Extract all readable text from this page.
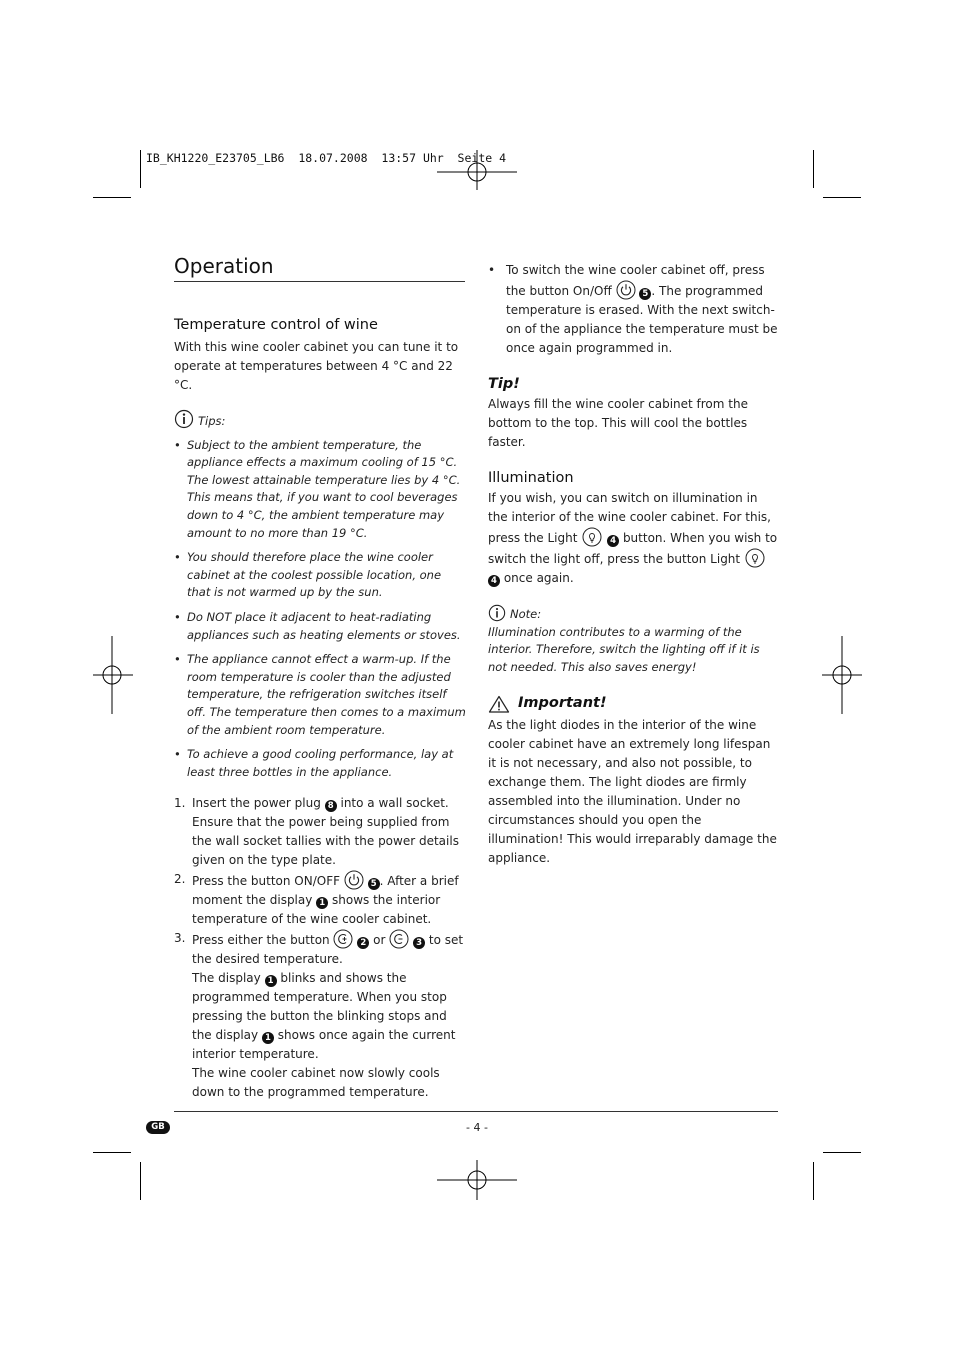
IB_KH1220_E23705_LB6  18.07.2008  13:57 Uhr  Seite 4
Operation
Temperature control of wine

With this wine cooler cabinet you can tune it to operate at temperatures between 4 °C and 22 °C.

Tips:
• Subject to the ambient temperature, the appliance effects a maximum cooling of 15 °C. The lowest attainable temperature lies by 4 °C. This means that, if you want to cool beverages down to 4 °C, the ambient temperature may amount to no more than 19 °C.
• You should therefore place the wine cooler cabinet at the coolest possible location, one that is not warmed up by the sun.
• Do NOT place it adjacent to heat-radiating appliances such as heating elements or stoves.
• The appliance cannot effect a warm-up. If the room temperature is cooler than the adjusted temperature, the refrigeration switches itself off. The temperature then comes to a maximum of the ambient room temperature.
• To achieve a good cooling performance, lay at least three bottles in the appliance.
1. Insert the power plug 8 into a wall socket. Ensure that the power being supplied from the wall socket tallies with the power details given on the type plate.
2. Press the button ON/OFF	5 . After a brief moment the display 1 shows the interior temperature of the wine cooler cabinet.
3. Press either the button	2 or	3 to set the desired temperature.
The display 1 blinks and shows the programmed temperature. When you stop pressing the button the blinking stops and the display 1 shows once again the current interior temperature.
The wine cooler cabinet now slowly cools down to the programmed temperature.
• To switch the wine cooler cabinet off, press the button On/Off	5 . The programmed temperature is erased. With the next switch-on of the appliance the temperature must be once again programmed in.
Tip!

Always fill the wine cooler cabinet from the bottom to the top. This will cool the bottles faster.

Illumination

If you wish, you can switch on illumination in the interior of the wine cooler cabinet. For this, press the Light	4 button. When you wish to switch the light off, press the button Light  4 once again.

Note:

Illumination contributes to a warming of the interior. Therefore, switch the lighting off if it is not needed. This also saves energy!

Important!

As the light diodes in the interior of the wine cooler cabinet have an extremely long lifespan it is not necessary, and also not possible, to exchange them. The light diodes are firmly assembled into the illumination. Under no circumstances should you open the illumination! This would irreparably damage the appliance.

GB	- 4 -
